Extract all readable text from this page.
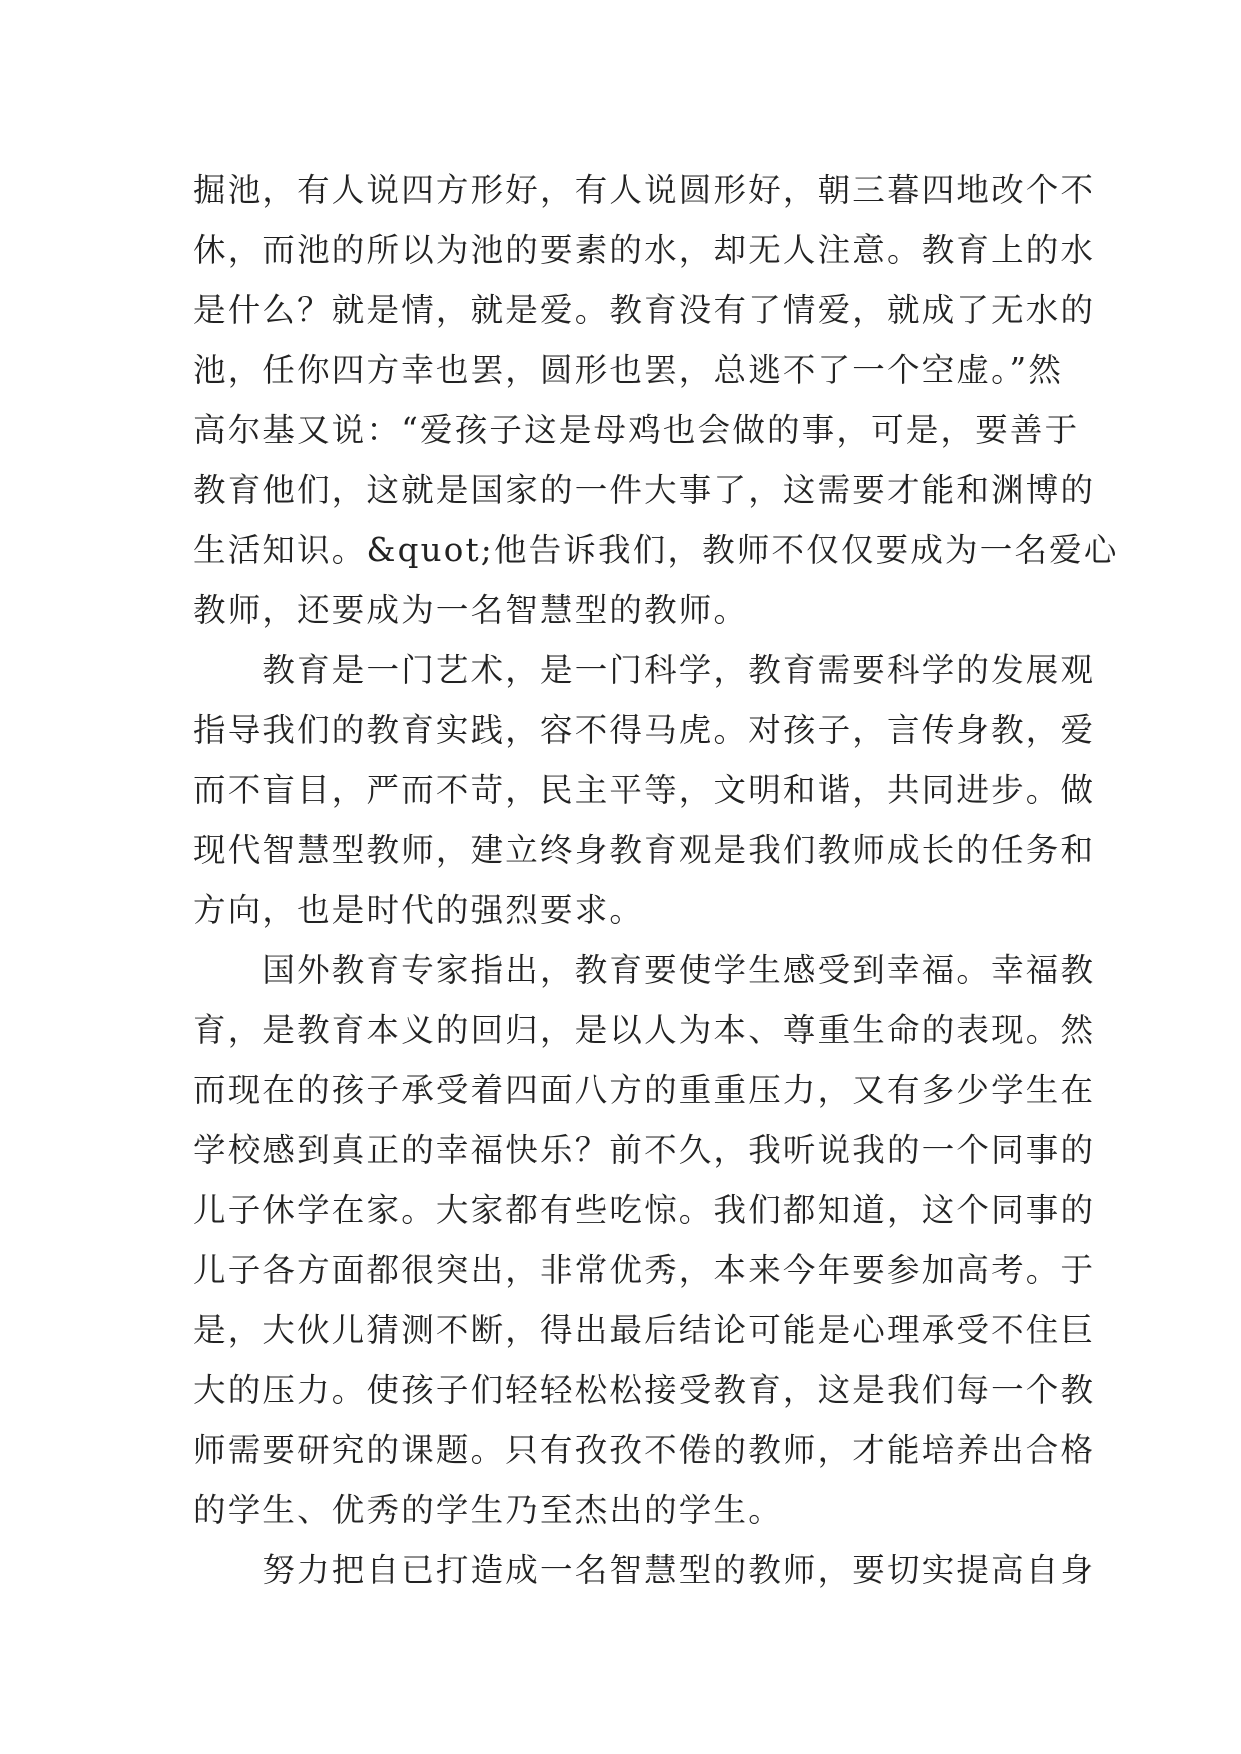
掘池，有人说四方形好，有人说圆形好，朝三暮四地改个不
休，而池的所以为池的要素的水，却无人注意。教育上的水
是什么？就是情，就是爱。教育没有了情爱，就成了无水的
池，任你四方幸也罢，圆形也罢，总逃不了一个空虚。”然
高尔基又说：“爱孩子这是母鸡也会做的事，可是，要善于
教育他们，这就是国家的一件大事了，这需要才能和渊博的
生活知识。&quot;他告诉我们，教师不仅仅要成为一名爱心
教师，还要成为一名智慧型的教师。
　　教育是一门艺术，是一门科学，教育需要科学的发展观
指导我们的教育实践，容不得马虎。对孩子，言传身教，爱
而不盲目，严而不苛，民主平等，文明和谐，共同进步。做
现代智慧型教师，建立终身教育观是我们教师成长的任务和
方向，也是时代的强烈要求。
　　国外教育专家指出，教育要使学生感受到幸福。幸福教
育，是教育本义的回归，是以人为本、尊重生命的表现。然
而现在的孩子承受着四面八方的重重压力，又有多少学生在
学校感到真正的幸福快乐？前不久，我听说我的一个同事的
儿子休学在家。大家都有些吃惊。我们都知道，这个同事的
儿子各方面都很突出，非常优秀，本来今年要参加高考。于
是，大伙儿猜测不断，得出最后结论可能是心理承受不住巨
大的压力。使孩子们轻轻松松接受教育，这是我们每一个教
师需要研究的课题。只有孜孜不倦的教师，才能培养出合格
的学生、优秀的学生乃至杰出的学生。
　　努力把自已打造成一名智慧型的教师，要切实提高自身
